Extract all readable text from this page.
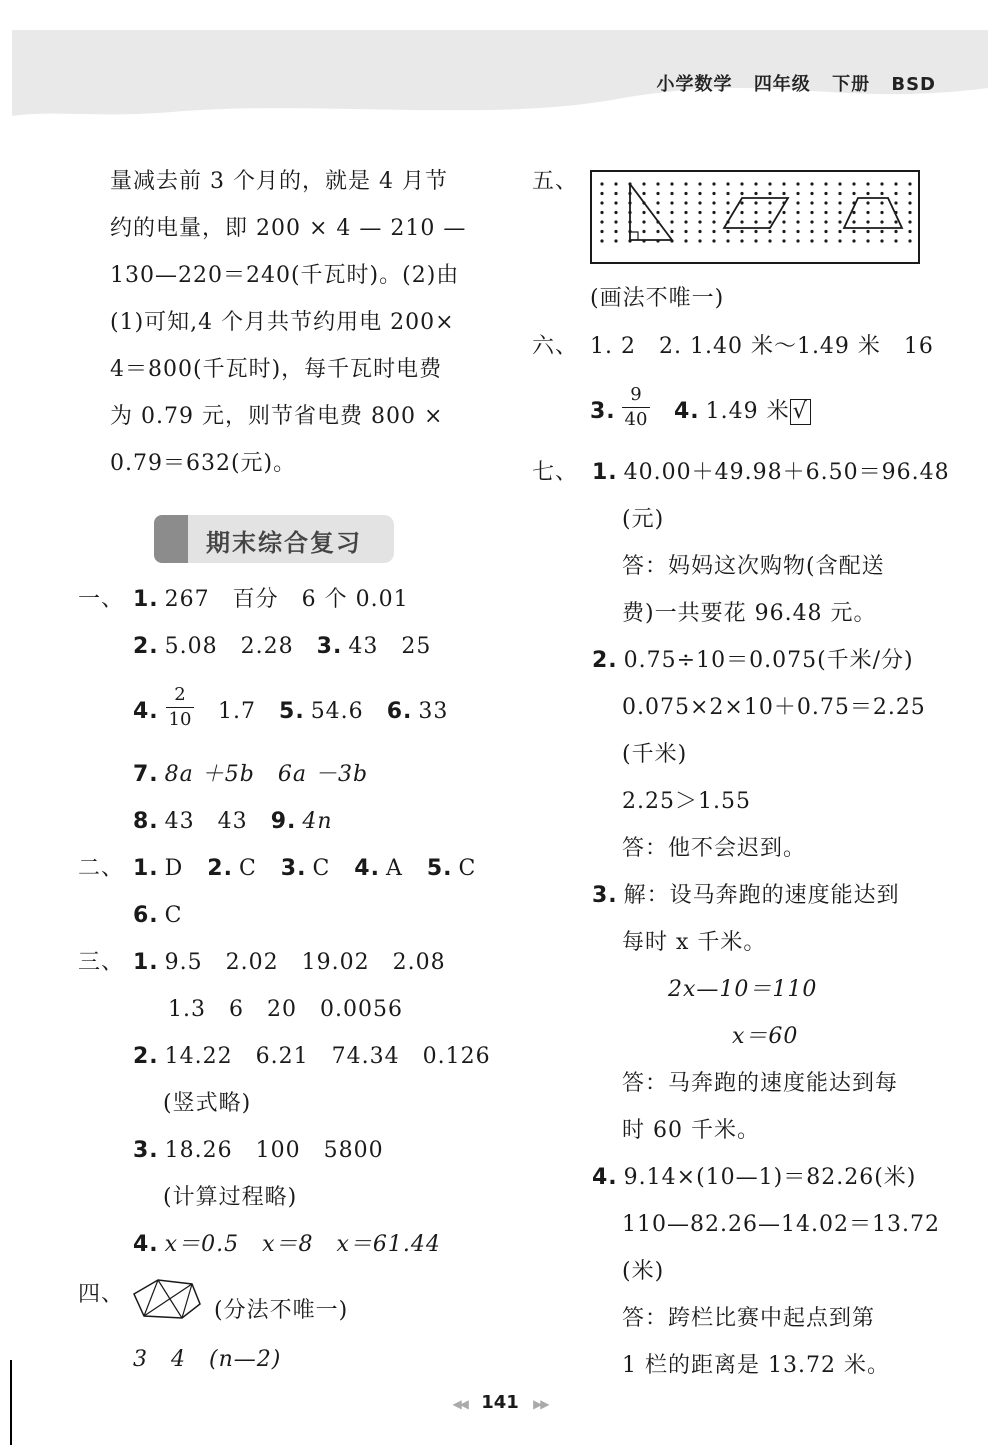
小学数学 四年级 下册 BSD
量减去前 3 个月的，就是 4 月节
约的电量，即 200 × 4 — 210 —
130—220＝240(千瓦时)。(2)由
(1)可知,4 个月共节约用电 200×
4＝800(千瓦时)，每千瓦时电费
为 0.79 元，则节省电费 800 ×
0.79＝632(元)。
期末综合复习
一、 1. 267　百分　6 个 0.01
2. 5.08　2.28　 3. 43　25
4.
2
10 1.7　 5. 54.6　 6. 33
7. 8a ＋5b　6a －3b
8. 43　43　 9. 4n
二、 1. D 2. C 3. C 4. A 5. C
6. C
三、 1. 9.5　2.02　19.02　2.08
1.3　6　20　0.0056
2. 14.22　6.21　74.34　0.126
(竖式略)
3. 18.26　100　5800
(计算过程略)
4. x＝0.5　x＝8　x＝61.44
四、
(分法不唯一)
3　4　(n—2)
五、
(画法不唯一)
六、 1. 2　2. 1.40 米～1.49 米　16
3.
9
40 4. 1.49 米 √
七、 1. 40.00＋49.98＋6.50＝96.48
(元)
答：妈妈这次购物(含配送
费)一共要花 96.48 元。
2. 0.75÷10＝0.075(千米/分)
0.075×2×10＋0.75＝2.25
(千米)
2.25＞1.55
答：他不会迟到。
3. 解：设马奔跑的速度能达到
每时 x 千米。
2x—10＝110
x＝60
答：马奔跑的速度能达到每
时 60 千米。
4. 9.14×(10—1)＝82.26(米)
110—82.26—14.02＝13.72
(米)
答：跨栏比赛中起点到第
1 栏的距离是 13.72 米。
◀◀ 141 ▶▶
